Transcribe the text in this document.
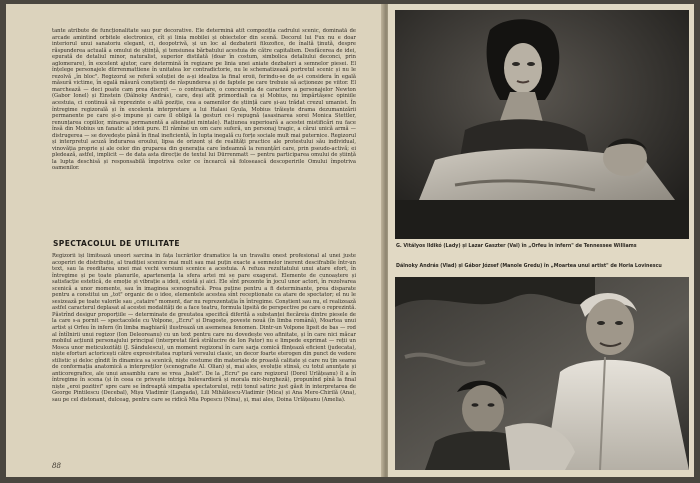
tante atribute de funcționalitate sau pur decorative. Ele determină atît compoziția cadrului scenic, dominată de arcade amintind orbitele electronice, cît și linia mobilei și obiectelor din scenă. Decorul lui Fux nu e doar interiorul unui sanatoriu elegant, ci, deopotrivă, și un loc al dezbaterii filozofice, de înaltă ținută, despre răspunderea actuală a omului de știință, și tensiunea bărbatului acestuia de către capitalism. Desfăcerea de idei, epurată de detaliul minor, naturalist, superior distilată (doar în costum, simbolica detaliului deconci, prin aglomerare), în excelent ajutor, care determină în regizare pe linia unei aniate dezbateri a semnelor piesei. El înțelege personajele dürrenmattiene în unitatea lor contradictorie, nu le schematizează portretul scenic și nu le rezolvă „în bloc". Regizorul se referă soluției de a-și idealiza la final eroii, ferindu-se de a-i considera în egală măsură victime, în egală măsură conștienți de răspunderea și de faptele pe care trebuie să acționeze pe viitor. El marchează — deci poate cam prea discret — o contrastare, o concurența de caractere a personajelor Newton (Gabor Ionel) și Einstein (Dálnoky András), care, deși atît primordiali ca și Mobius, nu împărtășesc opiniile acestuia, ci continuă să reprezinte o altă poziție, cea a oamenilor de știință care și-au trădat crezul umanist. În întregime regizorală și în excelenta interpretare a lui Halasi Gyula, Mobius trăiește drama dezumanizării permanente pe care și-o impune și care îl obligă la gesturi ce-i repugnă (asasinarea sorei Monica Stettler, renunțarea copiilor, minarea permanentă a alienației mintale). Rațiunea superioară a acestei mistificări nu face însă din Mobius un fanatic al ideii pure. El rămîne un om care suferă, un personaj tragic, a cărui unică armă — distrugerea — se dovedește până în final ineficientă, în lupta inegală cu forțe sociale mult mai puternice. Regizorul și interpretul acuză îndurarea eroului, lipsa de orizont și de realități practice ale protestului său individual, vinovăția proprie și ale celor din gruparea din generația care îndeamnă la renunțări care, prin pseudo-activă; ei pledează, astfel, implicit — de data asta direcție de textul lui Dürrenmatt — pentru participarea omului de știință la lupta deschisă și responsabilă împotriva celor ce încearcă să folosească descoperirile Omului împotriva oamenilor.
SPECTACOLUL DE UTILITATE
Regizorii își limitează uneori sarcina în fața lucrărilor dramatice la un travaliu onest profesional al unei juste acoperiri de distribuție, al tradiției scenice mai mult sau mai puțin exacte a semnelor inerent descifrabile într-un text, sau la reeditarea unei mai vechi versiuni scenice a acestuia. A refuza rezultatului unui atare efort, în întregime și pe toate planurile, apartenența la sfera artei mi se pare exagerat. Elemente de cunoaștere și satisfacție estetică, de emoție și vibrație a ideii, există și aici. Ele sînt prezente în jocul unor actori, în rezolvarea scenică a unor momente, sau în imaginea scenografică. Prea puține pentru a fi determinante, prea disparate pentru a constitui un „tot" organic de o idee, elementele acestea sînt receptionate ca atare de spectator; el nu le sesizează pe toate valorile sau „cataire" moment, dar nu reprezentația în întregime. Conștient sau nu, el realizează astfel caracterul deplasat al acestei modalități de a face teatru, formula lipsită de perspective pe care o reprezintă. Păstrînd desigur proporțiile — determinate de greutatea specifică diferită a substanței fiecăreia dintre piesele de la care s-a pornit — spectacolele cu Volpone, „Ecru" și Dragoste, poveste nouă (în limba română), Moartea unui artist și Orfeu în infern (în limba maghiară) ilustrează un asemenea fenomen. Dintr-un Volpone lipsit de bas — rod al întîlnirii unui regizor (Ion Deleoreanu) cu un text pentru care nu dovedește veo afinitate, și în care nici măcar mobilul acțiunii personajului principal (interpretat fără strălucire de Ion Pator) nu e limpede exprimat — reții un Mosca unor meticulozități (J. Săndulescu), un moment regizoral în care sarja comică flințează eficient (judecata), niște eforturi actoricești către expresivitatea ruptură versului clasic, un decor foarte eterogen din punct de vedere stilistic și deloc gîndit în dinamica sa scenică, niște costume din materiale de proastă calitate și care nu țin seama de conformația anatomică a interpreților (scenografie Al. Olian) și, mai ales, evoluție stinsă, cu totul anunțate și anticoregrafice, ale unui ansamblu care se vrea „balet". De la „Ecru" pe care regizorul (Dorel Urlățeanu) îl a în întregime în scena (și în ceea ce privește intriga bulevardieră și morala mic-burgheză), propunînd pînă la final niște „eroi pozitivi" spre care se îndreaptă simpatia spectatorului, reții tonul satiric just găsit în interpretarea de George Pintilescu (Decebal), Mișu Vladimir (Langada), Lili Mihăilescu-Vladimir (Mica) și Ana Mere-Chirilă (Ana), sau pe cel distonant, dulceag, pentru care se ridică Mia Popescu (Nina), și, mai ales, Doina Urlățeanu (Amelia).
88
G. Vitályos Ildikó (Lady) și Lazar Gaszter (Val) în „Orfeu în infern" de Tennessee Williams
Dálnoky András (Vlad) și Gábor József (Manole Gredu) în „Moartea unui artist" de Horia Lovinescu
